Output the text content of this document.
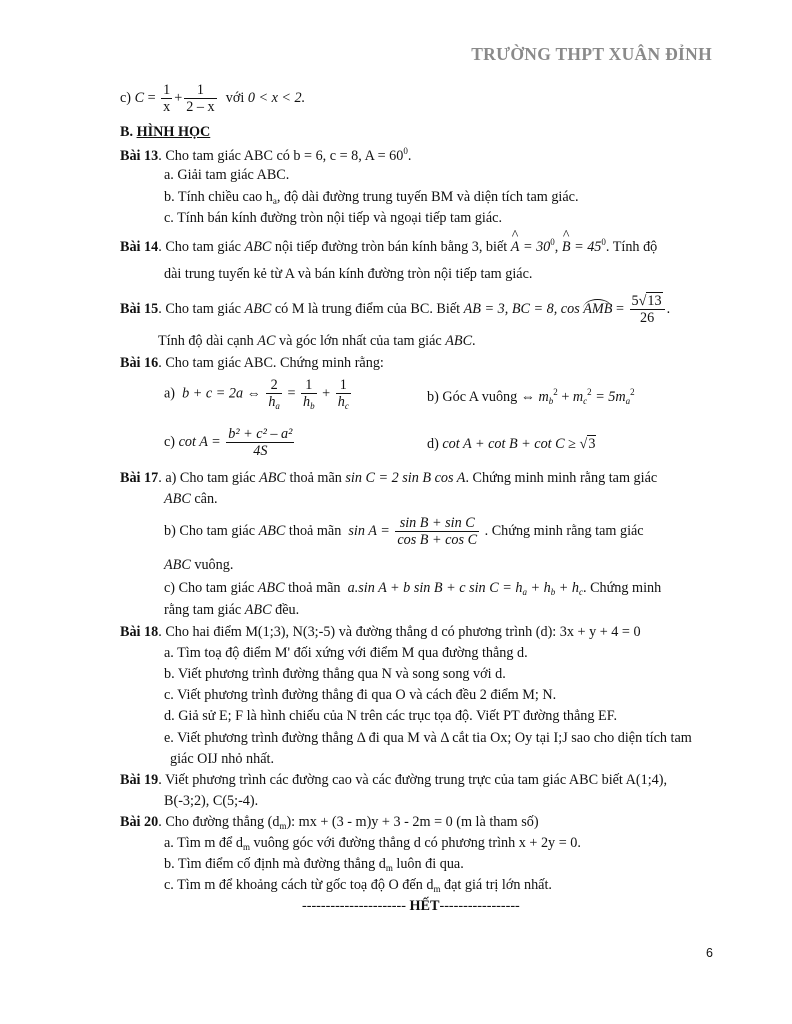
TRƯỜNG THPT XUÂN ĐỈNH
c) $C = \frac{1}{x} + \frac{1}{2 - x}$ với 0 < x < 2.
B. HÌNH HỌC
Bài 13. Cho tam giác ABC có b = 6, c = 8, $A = 60^0$.
a. Giải tam giác ABC.
b. Tính chiều cao $h_a$, độ dài đường trung tuyến BM và diện tích tam giác.
c. Tính bán kính đường tròn nội tiếp và ngoại tiếp tam giác.
Bài 14. Cho tam giác ABC nội tiếp đường tròn bán kính bằng 3, biết ^ $A = 30^0$, ^ $B = 45^0$. Tính độ
dài trung tuyến kẻ từ A và bán kính đường tròn nội tiếp tam giác.
Bài 15. Cho tam giác ABC có M là trung điểm của BC. Biết AB = 3, BC = 8, cos AMB = $\frac{5√13}{26}$ .
Tính độ dài cạnh AC và góc lớn nhất của tam giác ABC.
Bài 16. Cho tam giác ABC. Chứng minh rằng:
a) b + c = 2a ⇔ $\frac{2}{h_a} = \frac{1}{h_b} + \frac{1}{h_c}$	b) Góc A vuông ⇔ $m_b^2 + m_c^2 = 5m_a^2$
c) $\cot A = \frac{\text{b² + c² – a²}}{4S}$	d) cot A + cot B + cot C ≥ √3
Bài 17. a) Cho tam giác ABC thoả mãn sin C = 2 sin B cos A. Chứng minh minh rằng tam giác
ABC cân.
b) Cho tam giác ABC thoả mãn $\sin A = \frac{\text{sin B + sin C}}{\text{cos B + cos C}}$ . Chứng minh rằng tam giác
ABC vuông.
c) Cho tam giác ABC thoả mãn a.sin A + b sin B + c $\sin C = h_a + h_b + h_c$. Chứng minh
rằng tam giác ABC đều.
Bài 18. Cho hai điểm M(1;3), N(3;-5) và đường thẳng d có phương trình (d): 3x + y + 4 = 0
a. Tìm toạ độ điểm M' đối xứng với điểm M qua đường thẳng d.
b. Viết phương trình đường thẳng qua N và song song với d.
c. Viết phương trình đường thẳng đi qua O và cách đều 2 điểm M; N.
d. Giả sử E; F là hình chiếu của N trên các trục tọa độ. Viết PT đường thẳng EF.
e. Viết phương trình đường thẳng Δ đi qua M và Δ cắt tia Ox; Oy tại I;J sao cho diện tích tam
giác OIJ nhỏ nhất.
Bài 19. Viết phương trình các đường cao và các đường trung trực của tam giác ABC biết A(1;4),
B(-3;2), C(5;-4).
Bài 20. Cho đường thẳng $(d_m)$: mx + (3 - m)y + 3 - 2m = 0 (m là tham số)
a. Tìm m để $d_m$ vuông góc với đường thẳng d có phương trình x + 2y = 0.
b. Tìm điểm cố định mà đường thẳng $d_m$ luôn đi qua.
c. Tìm m để khoảng cách từ gốc toạ độ O đến $d_m$ đạt giá trị lớn nhất.
---------------------- HẾT-----------------
6
